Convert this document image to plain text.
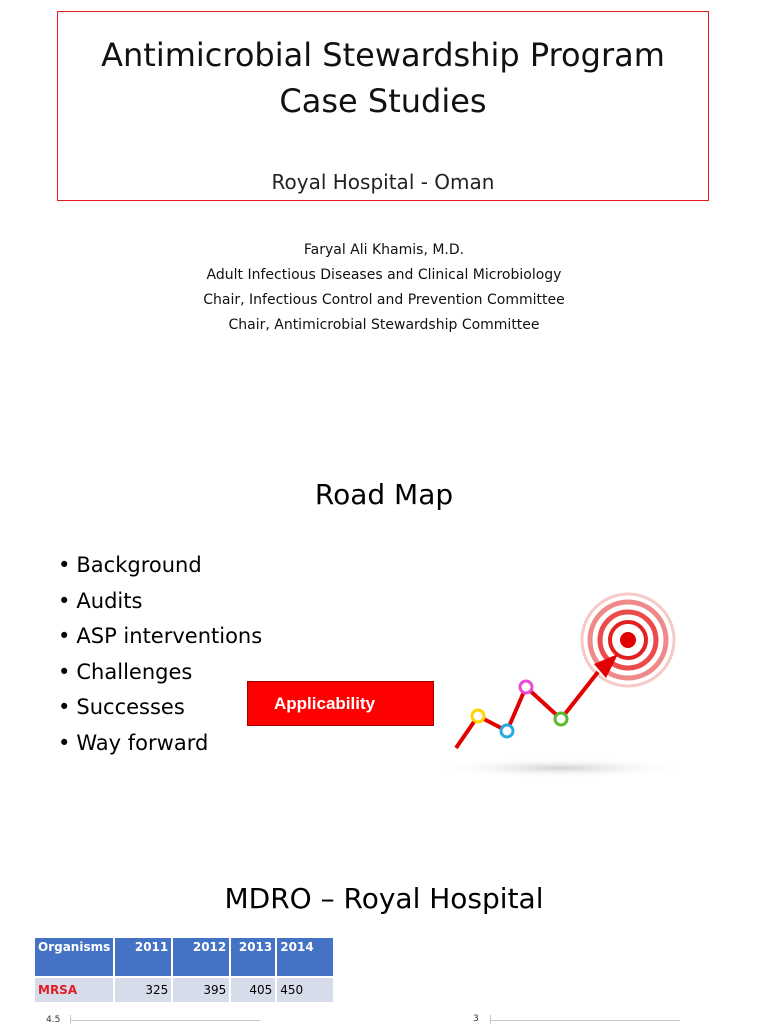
Antimicrobial Stewardship Program
Case Studies
Royal Hospital - Oman
Faryal Ali Khamis, M.D.
Adult Infectious Diseases and Clinical Microbiology
Chair, Infectious Control and Prevention Committee
Chair, Antimicrobial Stewardship Committee
Road Map
• Background
• Audits
• ASP interventions
• Challenges
• Successes
• Way forward
Applicability
MDRO – Royal Hospital
Organisms	2011	2012	2013	2014
MRSA	325	395	405	450
4.5	3
